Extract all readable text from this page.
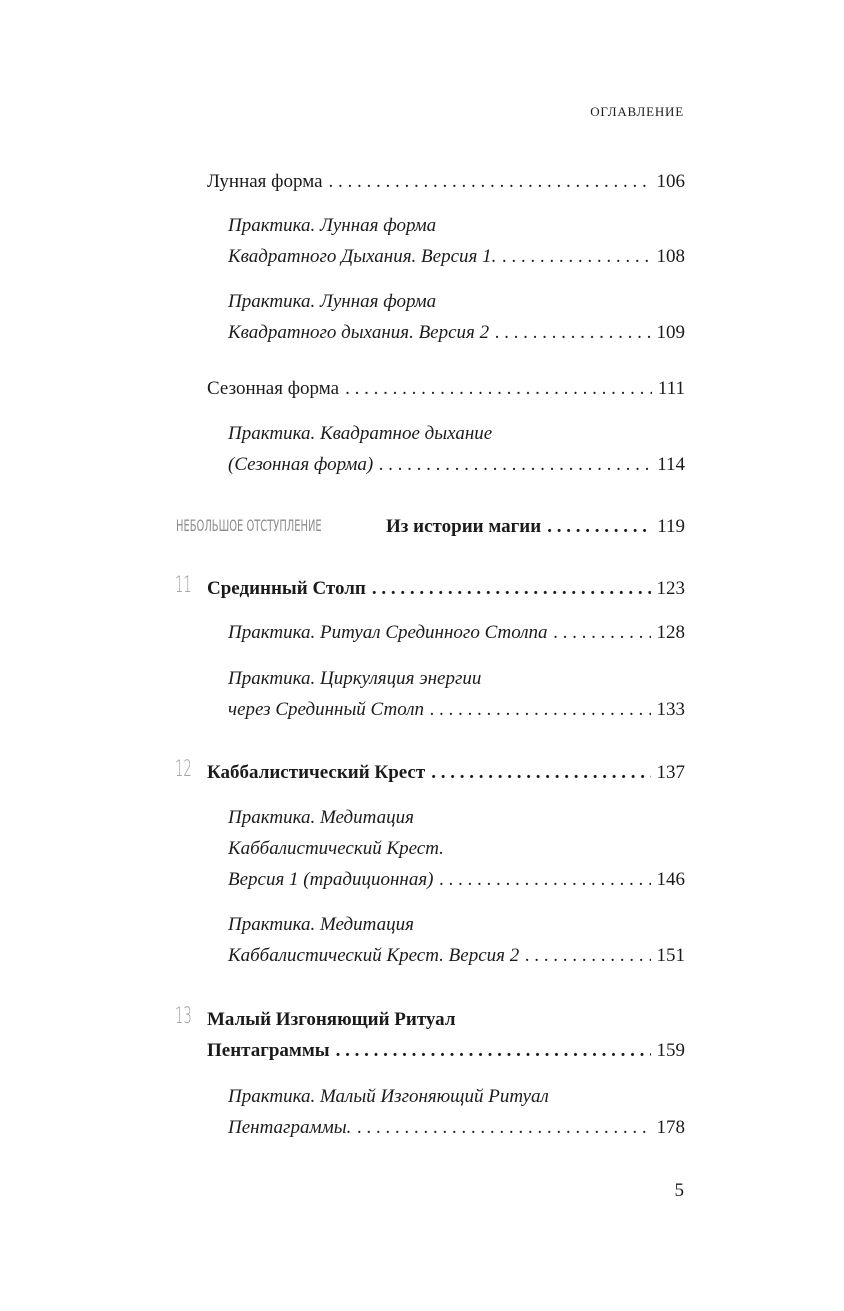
ОГЛАВЛЕНИЕ
Лунная форма . . .	106
Практика. Лунная форма
Квадратного Дыхания. Версия 1. . . .	108
Практика. Лунная форма
Квадратного дыхания. Версия 2 . . .	109
Сезонная форма . . .	111
Практика. Квадратное дыхание
(Сезонная форма) . . .	114
НЕБОЛЬШОЕ ОТСТУПЛЕНИЕ	Из истории магии . . .	119
11 Срединный Столп . . .	123
Практика. Ритуал Срединного Столпа . . .	128
Практика. Циркуляция энергии
через Срединный Столп . . .	133
12 Каббалистический Крест . . .	137
Практика. Медитация
Каббалистический Крест.
Версия 1 (традиционная) . . .	146
Практика. Медитация
Каббалистический Крест. Версия 2 . . .	151
13 Малый Изгоняющий Ритуал
Пентаграммы . . .	159
Практика. Малый Изгоняющий Ритуал
Пентаграммы. . . .	178
5
